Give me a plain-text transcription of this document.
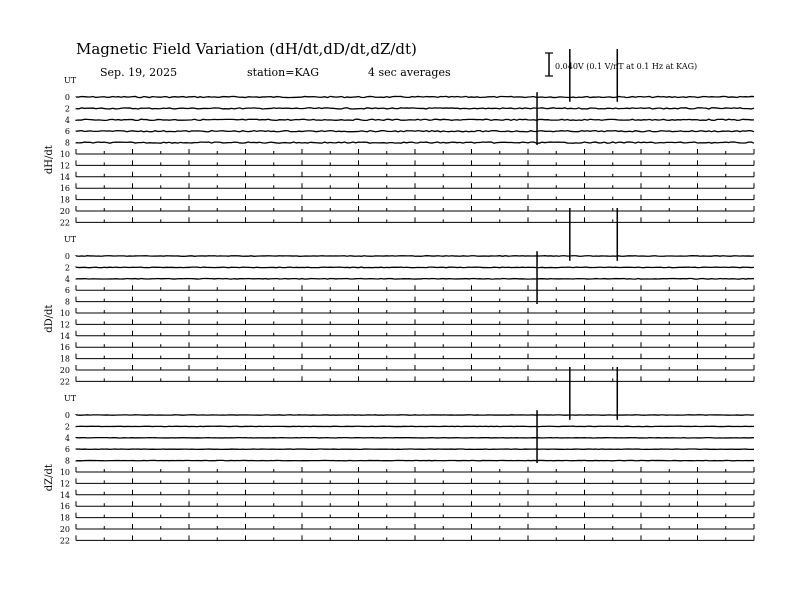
Magnetic Field Variation (dH/dt,dD/dt,dZ/dt)
Sep. 19, 2025	station=KAG	4 sec averages	0.040V (0.1 V/nT at 0.1 Hz at KAG)
UT
dH/dt
0
2
4
6
8
10
12
14
16
18
20
22
UT
dD/dt
0
2
4
6
8
10
12
14
16
18
20
22
UT
dZ/dt
0
2
4
6
8
10
12
14
16
18
20
22
